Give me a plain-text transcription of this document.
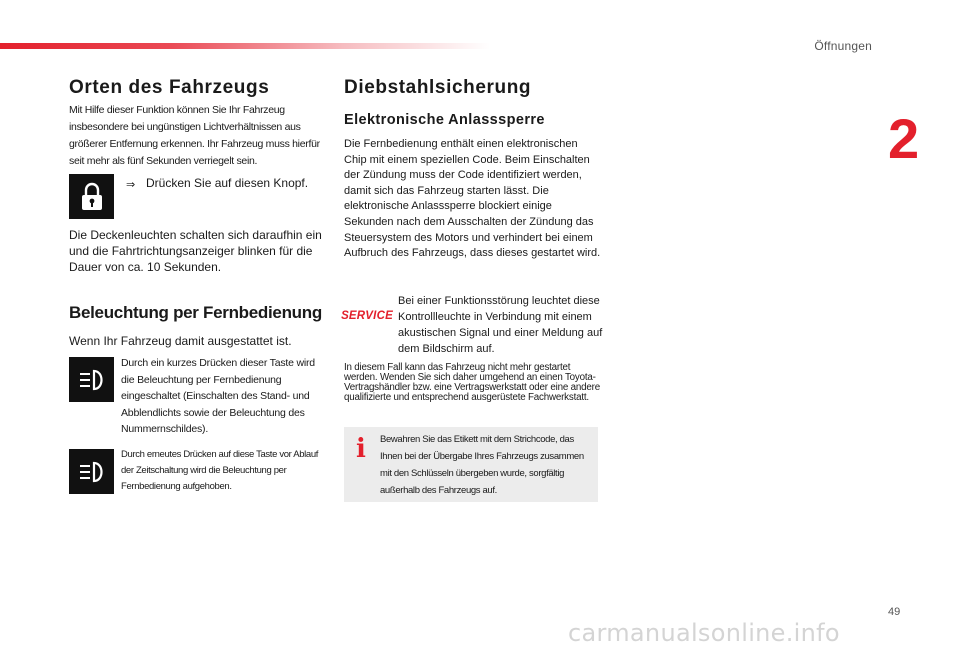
Öffnungen
2
Orten des Fahrzeugs

Mit Hilfe dieser Funktion können Sie Ihr Fahrzeug insbesondere bei ungünstigen Lichtverhältnissen aus größerer Entfernung erkennen. Ihr Fahrzeug muss hierfür seit mehr als fünf Sekunden verriegelt sein.

⇒ Drücken Sie auf diesen Knopf.

Die Deckenleuchten schalten sich daraufhin ein und die Fahrtrichtungsanzeiger blinken für die Dauer von ca. 10 Sekunden.

Beleuchtung per Fernbedienung

Wenn Ihr Fahrzeug damit ausgestattet ist.

Durch ein kurzes Drücken dieser Taste wird die Beleuchtung per Fernbedienung eingeschaltet (Einschalten des Stand- und Abblendlichts sowie der Beleuchtung des Nummernschildes).

Durch erneutes Drücken auf diese Taste vor Ablauf der Zeitschaltung wird die Beleuchtung per Fernbedienung aufgehoben.

Diebstahlsicherung
Elektronische Anlasssperre

Die Fernbedienung enthält einen elektronischen Chip mit einem speziellen Code. Beim Einschalten der Zündung muss der Code identifiziert werden, damit sich das Fahrzeug starten lässt. Die elektronische Anlasssperre blockiert einige Sekunden nach dem Ausschalten der Zündung das Steuersystem des Motors und verhindert bei einem Aufbruch des Fahrzeugs, dass dieses gestartet wird.

SERVICE

Bei einer Funktionsstörung leuchtet diese Kontrollleuchte in Verbindung mit einem akustischen Signal und einer Meldung auf dem Bildschirm auf.

In diesem Fall kann das Fahrzeug nicht mehr gestartet werden. Wenden Sie sich daher umgehend an einen Toyota-Vertragshändler bzw. eine Vertragswerkstatt oder eine andere qualifizierte und entsprechend ausgerüstete Fachwerkstatt.

i Bewahren Sie das Etikett mit dem Strichcode, das Ihnen bei der Übergabe Ihres Fahrzeugs zusammen mit den Schlüsseln übergeben wurde, sorgfältig außerhalb des Fahrzeugs auf.

49
carmanualsonline.info
